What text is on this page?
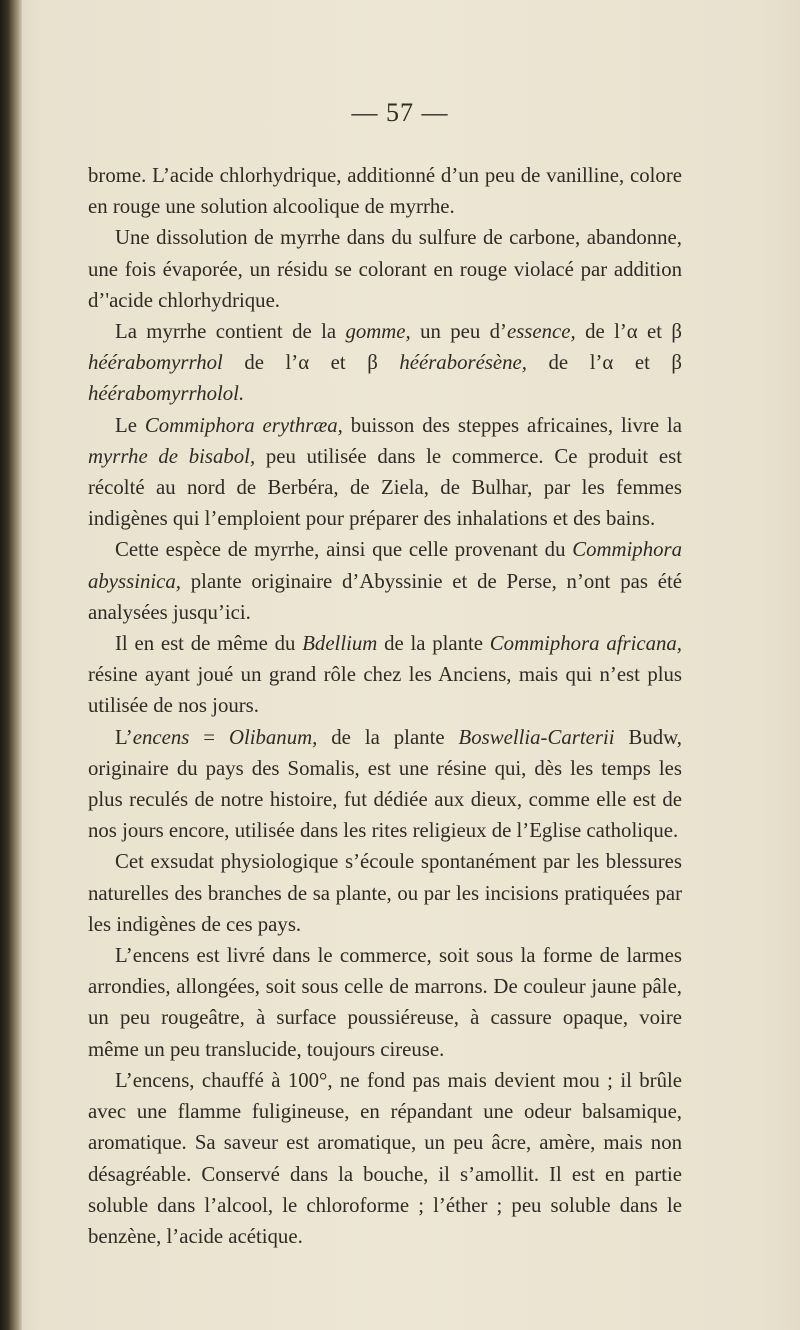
— 57 —

brome. L’acide chlorhydrique, additionné d’un peu de vanilline, colore en rouge une solution alcoolique de myrrhe.

Une dissolution de myrrhe dans du sulfure de carbone, abandonne, une fois évaporée, un résidu se colorant en rouge violacé par addition d’'acide chlorhydrique.

La myrrhe contient de la gomme, un peu d’essence, de l’α et β héérabomyrrhol de l’α et β hééraborésène, de l’α et β héérabomyrrholol.

Le Commiphora erythræa, buisson des steppes africaines, livre la myrrhe de bisabol, peu utilisée dans le commerce. Ce produit est récolté au nord de Berbéra, de Ziela, de Bulhar, par les femmes indigènes qui l’emploient pour préparer des inhalations et des bains.

Cette espèce de myrrhe, ainsi que celle provenant du Commiphora abyssinica, plante originaire d’Abyssinie et de Perse, n’ont pas été analysées jusqu’ici.

Il en est de même du Bdellium de la plante Commiphora africana, résine ayant joué un grand rôle chez les Anciens, mais qui n’est plus utilisée de nos jours.

L’encens = Olibanum, de la plante Boswellia-Carterii Budw, originaire du pays des Somalis, est une résine qui, dès les temps les plus reculés de notre histoire, fut dédiée aux dieux, comme elle est de nos jours encore, utilisée dans les rites religieux de l’Eglise catholique.

Cet exsudat physiologique s’écoule spontanément par les blessures naturelles des branches de sa plante, ou par les incisions pratiquées par les indigènes de ces pays.

L’encens est livré dans le commerce, soit sous la forme de larmes arrondies, allongées, soit sous celle de marrons. De couleur jaune pâle, un peu rougeâtre, à surface poussiéreuse, à cassure opaque, voire même un peu translucide, toujours cireuse.

L’encens, chauffé à 100°, ne fond pas mais devient mou ; il brûle avec une flamme fuligineuse, en répandant une odeur balsamique, aromatique. Sa saveur est aromatique, un peu âcre, amère, mais non désagréable. Conservé dans la bouche, il s’amollit. Il est en partie soluble dans l’alcool, le chloroforme ; l’éther ; peu soluble dans le benzène, l’acide acétique.
